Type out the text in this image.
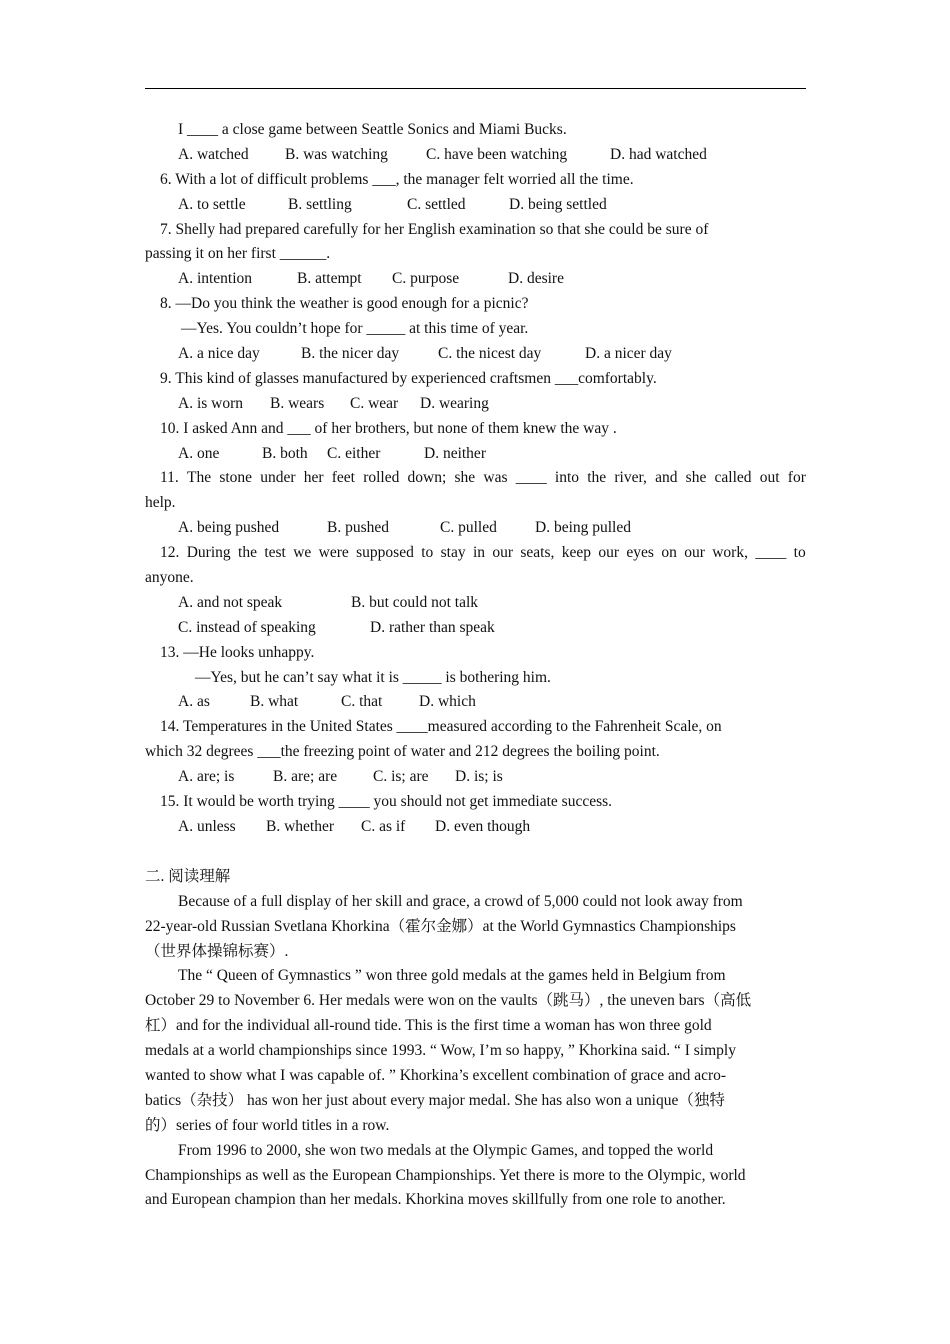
I ____ a close game between Seattle Sonics and Miami Bucks.
A. watched B. was watching C. have been watching	D. had watched
6. With a lot of difficult problems ___, the manager felt worried all the time.
A. to settle	B. settling	C. settled	D. being settled
7. Shelly had prepared carefully for her English examination so that she could be sure of
passing it on her first ______.
A. intention	B. attempt C. purpose	D. desire
8. —Do you think the weather is good enough for a picnic?
—Yes. You couldn’t hope for _____ at this time of year.
A. a nice day	B. the nicer day	C. the nicest day	D. a nicer day
9. This kind of glasses manufactured by experienced craftsmen ___comfortably.
A. is worn B. wears C. wear D. wearing
10. I asked Ann and ___ of her brothers, but none of them knew the way .
A. one	B. both C. either	D. neither
11. The stone under her feet rolled down; she was ____ into the river, and she called out for
help.
A. being pushed	B. pushed	C. pulled D. being pulled
12. During the test we were supposed to stay in our seats, keep our eyes on our work, ____ to
anyone.
A. and not speak	B. but could not talk
C. instead of speaking	D. rather than speak
13. —He looks unhappy.
—Yes, but he can’t say what it is _____ is bothering him.
A. as	B. what	C. that D. which
14. Temperatures in the United States ____measured according to the Fahrenheit Scale, on
which 32 degrees ___the freezing point of water and 212 degrees the boiling point.
A. are; is B. are; are C. is; are D. is; is
15. It would be worth trying ____ you should not get immediate success.
A. unless B. whether C. as if D. even though
二. 阅读理解
Because of a full display of her skill and grace, a crowd of 5,000 could not look away from
22-year-old Russian Svetlana Khorkina（霍尔金娜）at the World Gymnastics Championships
（世界体操锦标赛）.
The “ Queen of Gymnastics ” won three gold medals at the games held in Belgium from
October 29 to November 6. Her medals were won on the vaults（跳马）, the uneven bars（高低
杠）and for the individual all-round tide. This is the first time a woman has won three gold
medals at a world championships since 1993. “ Wow, I’m so happy, ” Khorkina said. “ I simply
wanted to show what I was capable of. ” Khorkina’s excellent combination of grace and acro-
batics（杂技） has won her just about every major medal. She has also won a unique（独特
的）series of four world titles in a row.
From 1996 to 2000, she won two medals at the Olympic Games, and topped the world
Championships as well as the European Championships. Yet there is more to the Olympic, world
and European champion than her medals. Khorkina moves skillfully from one role to another.
